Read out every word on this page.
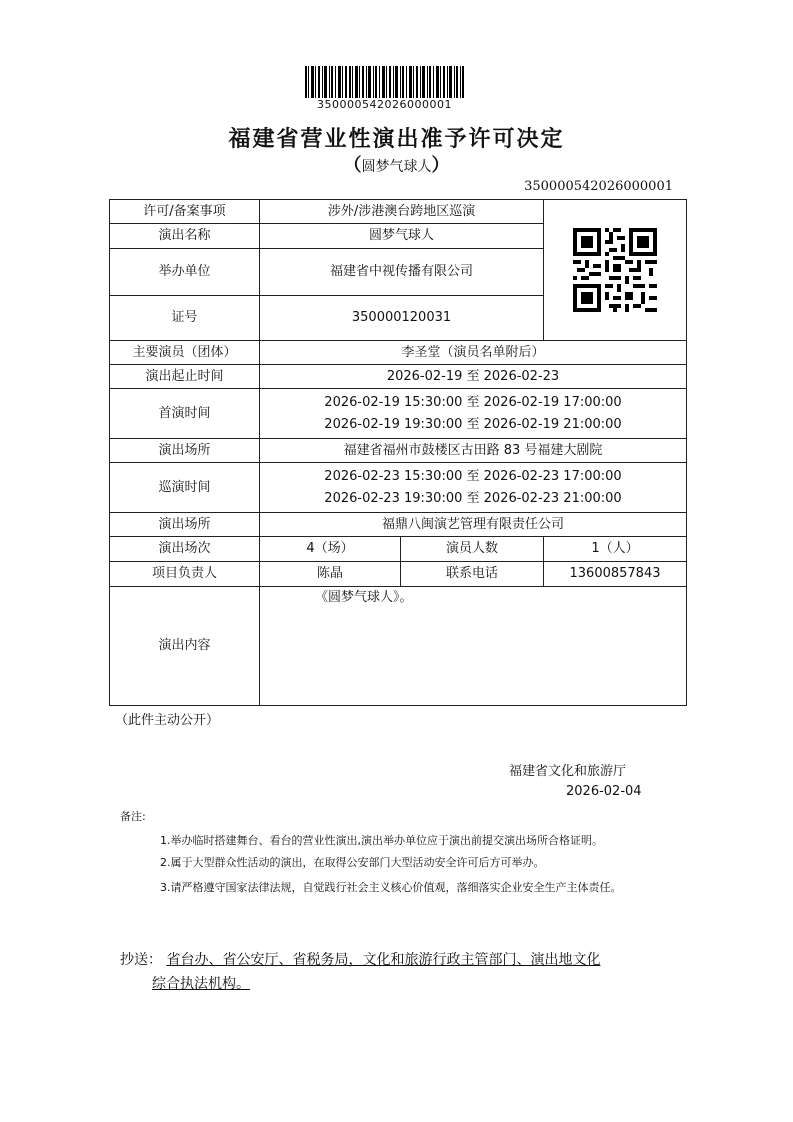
350000542026000001
福建省营业性演出准予许可决定
（圆梦气球人）
350000542026000001
许可/备案事项	涉外/涉港澳台跨地区巡演	

演出名称	圆梦气球人		
举办单位	福建省中视传播有限公司		
证号	350000120031		
主要演员（团体）	李圣堂（演员名单附后）		
演出起止时间	2026-02-19 至 2026-02-23		
首演时间	2026-02-19 15:30:00 至 2026-02-19 17:00:00
2026-02-19 19:30:00 至 2026-02-19 21:00:00		

演出场所	福建省福州市鼓楼区古田路 83 号福建大剧院		
巡演时间	2026-02-23 15:30:00 至 2026-02-23 17:00:00
2026-02-23 19:30:00 至 2026-02-23 21:00:00		

演出场所	福鼎八闽演艺管理有限责任公司		
演出场次	4（场）	演员人数	1（人）
项目负责人	陈晶	联系电话	13600857843
演出内容	《圆梦气球人》。		
（此件主动公开）
福建省文化和旅游厅
2026-02-04
备注:
1.举办临时搭建舞台、看台的营业性演出,演出举办单位应于演出前提交演出场所合格证明。
2.属于大型群众性活动的演出，在取得公安部门大型活动安全许可后方可举办。
3.请严格遵守国家法律法规，自觉践行社会主义核心价值观，落细落实企业安全生产主体责任。
抄送： 省台办、省公安厅、省税务局，文化和旅游行政主管部门、演出地文化
综合执法机构。
